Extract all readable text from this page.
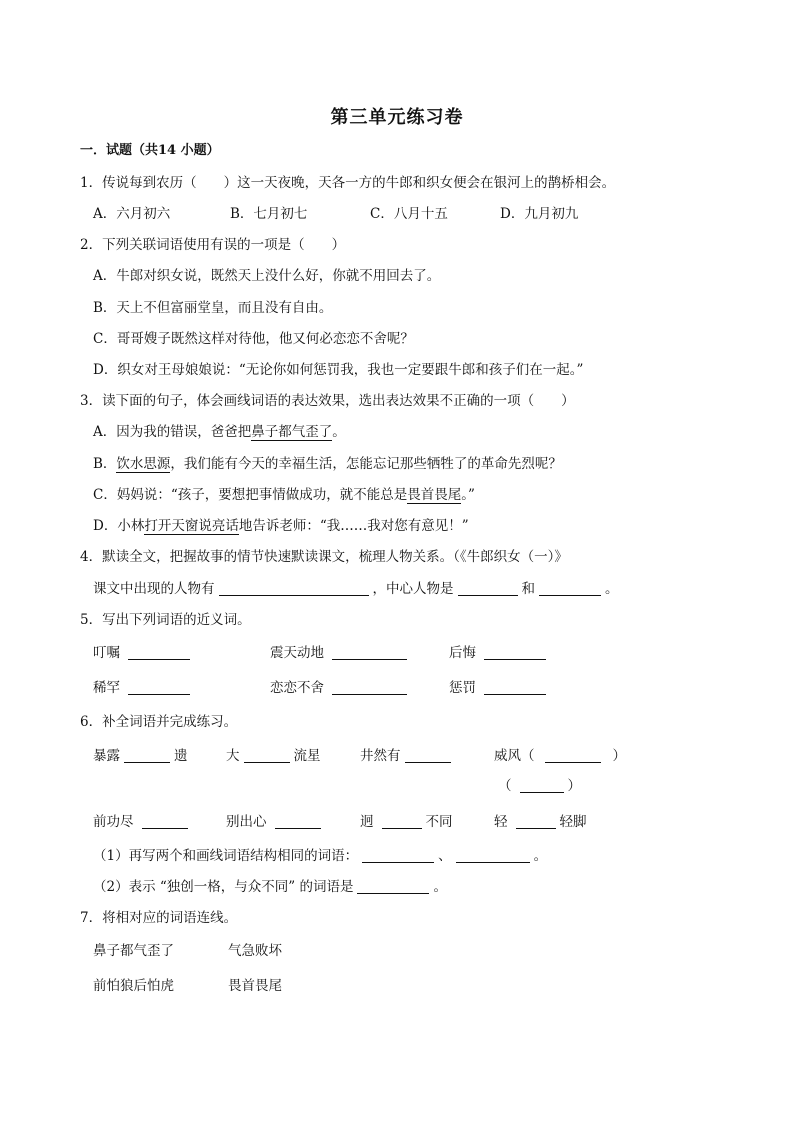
第三单元练习卷
一．试题（共14 小题）
1．传说每到农历（　　）这一天夜晚，天各一方的牛郎和织女便会在银河上的鹊桥相会。
A．六月初六	B．七月初七	C．八月十五	D．九月初九
2．下列关联词语使用有误的一项是（　　）
A．牛郎对织女说，既然天上没什么好，你就不用回去了。
B．天上不但富丽堂皇，而且没有自由。
C．哥哥嫂子既然这样对待他，他又何必恋恋不舍呢？
D．织女对王母娘娘说：“无论你如何惩罚我，我也一定要跟牛郎和孩子们在一起。”
3．读下面的句子，体会画线词语的表达效果，选出表达效果不正确的一项（　　）
A．因为我的错误，爸爸把鼻子都气歪了。
B．饮水思源，我们能有今天的幸福生活，怎能忘记那些牺牲了的革命先烈呢？
C．妈妈说：“孩子，要想把事情做成功，就不能总是畏首畏尾。”
D．小林打开天窗说亮话地告诉老师：“我……我对您有意见！”
4．默读全文，把握故事的情节快速默读课文，梳理人物关系。（《牛郎织女（一）》
课文中出现的人物有	，中心人物是	和	。
5．写出下列词语的近义词。
叮嘱	震天动地	后悔
稀罕	恋恋不舍	惩罚
6．补全词语并完成练习。
暴露	遗	大	流星	井然有	威风（	）
（	）
前功尽	别出心	迥	不同	轻	轻脚
（1）再写两个和画线词语结构相同的词语：	、	。
（2）表示 “独创一格，与众不同” 的词语是	。
7．将相对应的词语连线。
鼻子都气歪了	气急败坏
前怕狼后怕虎	畏首畏尾
